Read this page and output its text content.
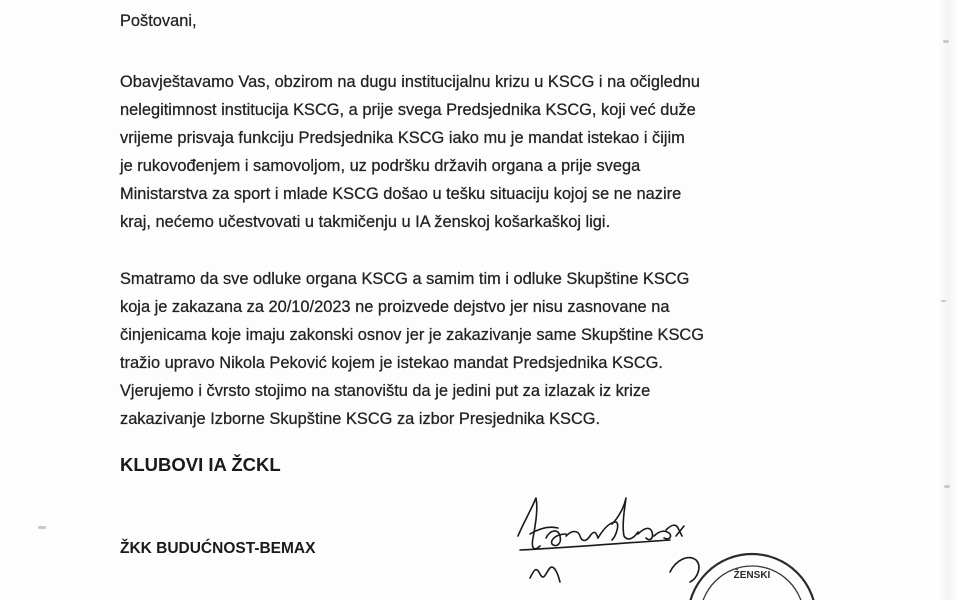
Poštovani,
Obavještavamo Vas, obzirom na dugu institucijalnu krizu u KSCG i na očiglednu
nelegitimnost institucija KSCG, a prije svega Predsjednika KSCG, koji već duže
vrijeme prisvaja funkciju Predsjednika KSCG iako mu je mandat istekao i čijim
je rukovođenjem i samovoljom, uz podršku državih organa a prije svega
Ministarstva za sport i mlade KSCG došao u tešku situaciju kojoj se ne nazire
kraj, nećemo učestvovati u takmičenju u IA ženskoj košarkaškoj ligi.
Smatramo da sve odluke organa KSCG a samim tim i odluke Skupštine KSCG
koja je zakazana za 20/10/2023 ne proizvede dejstvo jer nisu zasnovane na
činjenicama koje imaju zakonski osnov jer je zakazivanje same Skupštine KSCG
tražio upravo Nikola Peković kojem je istekao mandat Predsjednika KSCG.
Vjerujemo i čvrsto stojimo na stanovištu da je jedini put za izlazak iz krize
zakazivanje Izborne Skupštine KSCG za izbor Presjednika KSCG.
KLUBOVI IA ŽCKL
ŽKK BUDUĆNOST-BEMAX
ŽENSKI
